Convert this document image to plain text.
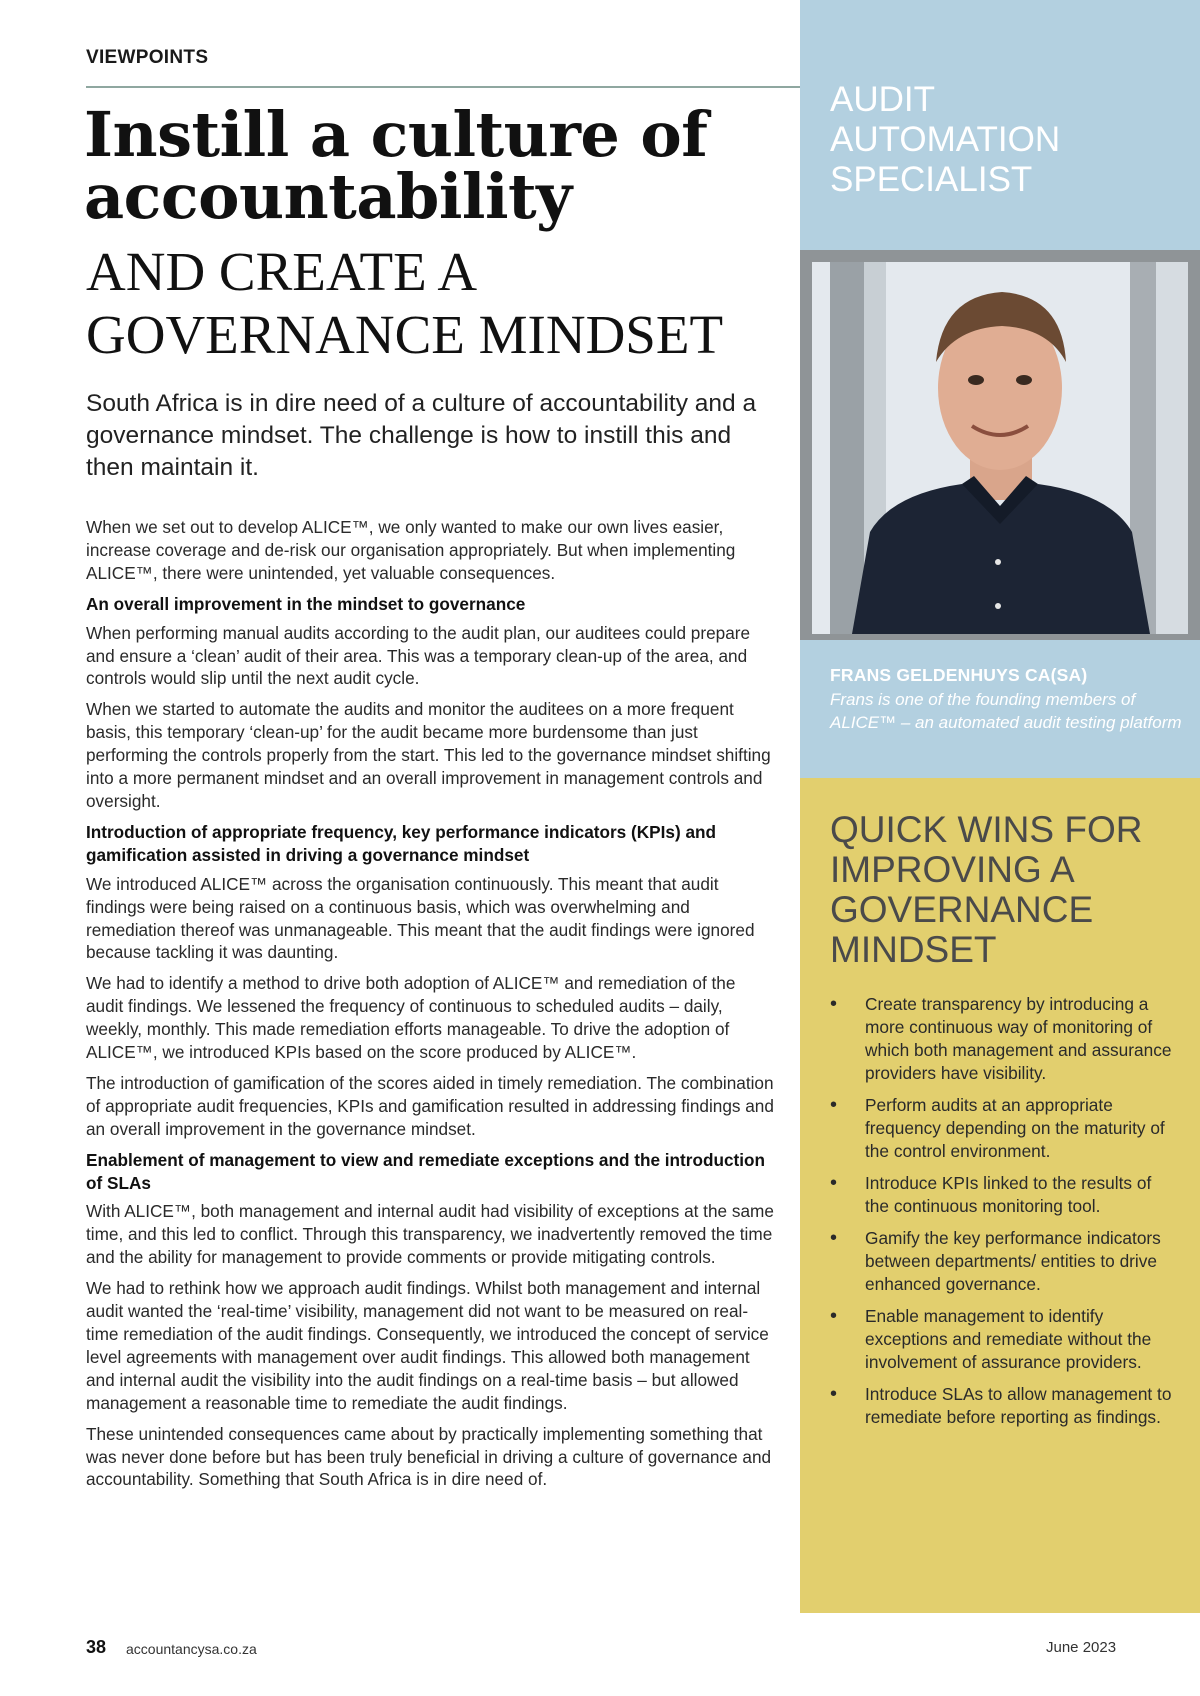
VIEWPOINTS
Instill a culture of accountability
AND CREATE A GOVERNANCE MINDSET

South Africa is in dire need of a culture of accountability and a governance mindset. The challenge is how to instill this and then maintain it.

When we set out to develop ALICE™, we only wanted to make our own lives easier, increase coverage and de-risk our organisation appropriately. But when implementing ALICE™, there were unintended, yet valuable consequences.

An overall improvement in the mindset to governance

When performing manual audits according to the audit plan, our auditees could prepare and ensure a ‘clean’ audit of their area. This was a temporary clean-up of the area, and controls would slip until the next audit cycle.

When we started to automate the audits and monitor the auditees on a more frequent basis, this temporary ‘clean-up’ for the audit became more burdensome than just performing the controls properly from the start. This led to the governance mindset shifting into a more permanent mindset and an overall improvement in management controls and oversight.

Introduction of appropriate frequency, key performance indicators (KPIs) and gamification assisted in driving a governance mindset

We introduced ALICE™ across the organisation continuously. This meant that audit findings were being raised on a continuous basis, which was overwhelming and remediation thereof was unmanageable. This meant that the audit findings were ignored because tackling it was daunting.

We had to identify a method to drive both adoption of ALICE™ and remediation of the audit findings. We lessened the frequency of continuous to scheduled audits – daily, weekly, monthly. This made remediation efforts manageable. To drive the adoption of ALICE™, we introduced KPIs based on the score produced by ALICE™.

The introduction of gamification of the scores aided in timely remediation. The combination of appropriate audit frequencies, KPIs and gamification resulted in addressing findings and an overall improvement in the governance mindset.

Enablement of management to view and remediate exceptions and the introduction of SLAs

With ALICE™, both management and internal audit had visibility of exceptions at the same time, and this led to conflict. Through this transparency, we inadvertently removed the time and the ability for management to provide comments or provide mitigating controls.

We had to rethink how we approach audit findings. Whilst both management and internal audit wanted the ‘real-time’ visibility, management did not want to be measured on real-time remediation of the audit findings. Consequently, we introduced the concept of service level agreements with management over audit findings. This allowed both management and internal audit the visibility into the audit findings on a real-time basis – but allowed management a reasonable time to remediate the audit findings.

These unintended consequences came about by practically implementing something that was never done before but has been truly beneficial in driving a culture of governance and accountability. Something that South Africa is in dire need of.

AUDIT AUTOMATION SPECIALIST
FRANS GELDENHUYS CA(SA)
Frans is one of the founding members of ALICE™ – an automated audit testing platform
QUICK WINS FOR IMPROVING A GOVERNANCE MINDSET
• Create transparency by introducing a more continuous way of monitoring of which both management and assurance providers have visibility.
• Perform audits at an appropriate frequency depending on the maturity of the control environment.
• Introduce KPIs linked to the results of the continuous monitoring tool.
• Gamify the key performance indicators between departments/ entities to drive enhanced governance.
• Enable management to identify exceptions and remediate without the involvement of assurance providers.
• Introduce SLAs to allow management to remediate before reporting as findings.
38 accountancysa.co.za	June 2023
